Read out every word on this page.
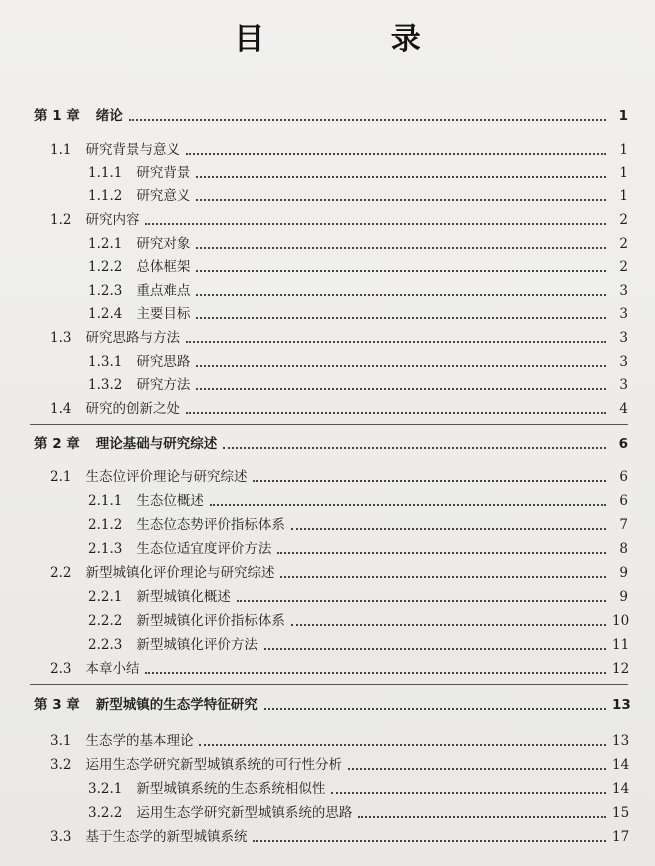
目 录
第 1 章 绪论	1
1.1 研究背景与意义	1
1.1.1 研究背景	1
1.1.2 研究意义	1
1.2 研究内容	2
1.2.1 研究对象	2
1.2.2 总体框架	2
1.2.3 重点难点	3
1.2.4 主要目标	3
1.3 研究思路与方法	3
1.3.1 研究思路	3
1.3.2 研究方法	3
1.4 研究的创新之处	4
第 2 章 理论基础与研究综述	6
2.1 生态位评价理论与研究综述	6
2.1.1 生态位概述	6
2.1.2 生态位态势评价指标体系	7
2.1.3 生态位适宜度评价方法	8
2.2 新型城镇化评价理论与研究综述	9
2.2.1 新型城镇化概述	9
2.2.2 新型城镇化评价指标体系	10
2.2.3 新型城镇化评价方法	11
2.3 本章小结	12
第 3 章 新型城镇的生态学特征研究	13
3.1 生态学的基本理论	13
3.2 运用生态学研究新型城镇系统的可行性分析	14
3.2.1 新型城镇系统的生态系统相似性	14
3.2.2 运用生态学研究新型城镇系统的思路	15
3.3 基于生态学的新型城镇系统	17
